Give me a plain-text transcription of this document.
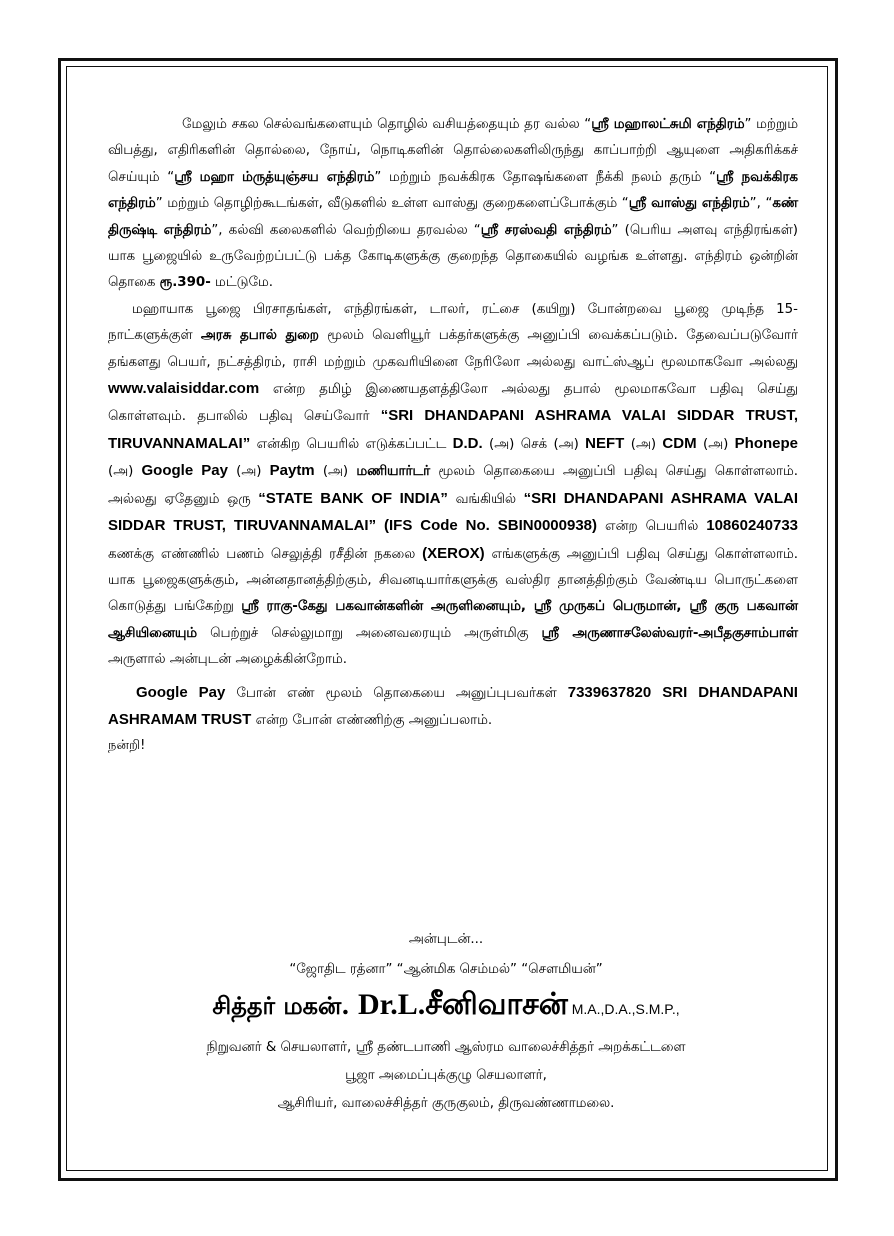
மேலும் சகல செல்வங்களையும் தொழில் வசியத்தையும் தர வல்ல “ஸ்ரீ மஹாலட்சுமி எந்திரம்” மற்றும் விபத்து, எதிரிகளின் தொல்லை, நோய், நொடிகளின் தொல்லைகளிலிருந்து காப்பாற்றி ஆயுளை அதிகரிக்கச் செய்யும் “ஸ்ரீ மஹா ம்ருத்யுஞ்சய எந்திரம்” மற்றும் நவக்கிரக தோஷங்களை நீக்கி நலம் தரும் “ஸ்ரீ நவக்கிரக எந்திரம்” மற்றும் தொழிற்கூடங்கள், வீடுகளில் உள்ள வாஸ்து குறைகளைப்போக்கும் “ஸ்ரீ வாஸ்து எந்திரம்”, “கண் திருஷ்டி எந்திரம்”, கல்வி கலைகளில் வெற்றியை தரவல்ல “ஸ்ரீ சரஸ்வதி எந்திரம்” (பெரிய அளவு எந்திரங்கள்) யாக பூஜையில் உருவேற்றப்பட்டு பக்த கோடிகளுக்கு குறைந்த தொகையில் வழங்க உள்ளது. எந்திரம் ஒன்றின் தொகை ரூ.390- மட்டுமே.

மஹாயாக பூஜை பிரசாதங்கள், எந்திரங்கள், டாலர், ரட்சை (கயிறு) போன்றவை பூஜை முடிந்த 15-நாட்களுக்குள் அரசு தபால் துறை மூலம் வெளியூர் பக்தர்களுக்கு அனுப்பி வைக்கப்படும். தேவைப்படுவோர் தங்களது பெயர், நட்சத்திரம், ராசி மற்றும் முகவரியினை நேரிலோ அல்லது வாட்ஸ்ஆப் மூலமாகவோ அல்லது www.valaisiddar.com என்ற தமிழ் இணையதளத்திலோ அல்லது தபால் மூலமாகவோ பதிவு செய்து கொள்ளவும். தபாலில் பதிவு செய்வோர் “SRI DHANDAPANI ASHRAMA VALAI SIDDAR TRUST, TIRUVANNAMALAI” என்கிற பெயரில் எடுக்கப்பட்ட D.D. (அ) செக் (அ) NEFT (அ) CDM (அ) Phonepe (அ) Google Pay (அ) Paytm (அ) மணியார்டர் மூலம் தொகையை அனுப்பி பதிவு செய்து கொள்ளலாம். அல்லது ஏதேனும் ஒரு “STATE BANK OF INDIA” வங்கியில் “SRI DHANDAPANI ASHRAMA VALAI SIDDAR TRUST, TIRUVANNAMALAI” (IFS Code No. SBIN0000938) என்ற பெயரில் 10860240733 கணக்கு எண்ணில் பணம் செலுத்தி ரசீதின் நகலை (XEROX) எங்களுக்கு அனுப்பி பதிவு செய்து கொள்ளலாம். யாக பூஜைகளுக்கும், அன்னதானத்திற்கும், சிவனடியார்களுக்கு வஸ்திர தானத்திற்கும் வேண்டிய பொருட்களை கொடுத்து பங்கேற்று ஸ்ரீ ராகு-கேது பகவான்களின் அருளினையும், ஸ்ரீ முருகப் பெருமான், ஸ்ரீ குரு பகவான் ஆசியினையும் பெற்றுச் செல்லுமாறு அனைவரையும் அருள்மிகு ஸ்ரீ அருணாசலேஸ்வரர்-அபீதகுசாம்பாள் அருளால் அன்புடன் அழைக்கின்றோம்.

Google Pay போன் எண் மூலம் தொகையை அனுப்புபவர்கள் 7339637820 SRI DHANDAPANI ASHRAMAM TRUST என்ற போன் எண்ணிற்கு அனுப்பலாம்.

நன்றி!

அன்புடன்...
“ஜோதிட ரத்னா” “ஆன்மிக செம்மல்” “சௌமியன்”
சித்தர் மகன். Dr.L.சீனிவாசன் M.A.,D.A.,S.M.P.,
நிறுவனர் & செயலாளர், ஸ்ரீ தண்டபாணி ஆஸ்ரம வாலைச்சித்தர் அறக்கட்டளை
பூஜா அமைப்புக்குழு செயலாளர்,
ஆசிரியர், வாலைச்சித்தர் குருகுலம், திருவண்ணாமலை.
